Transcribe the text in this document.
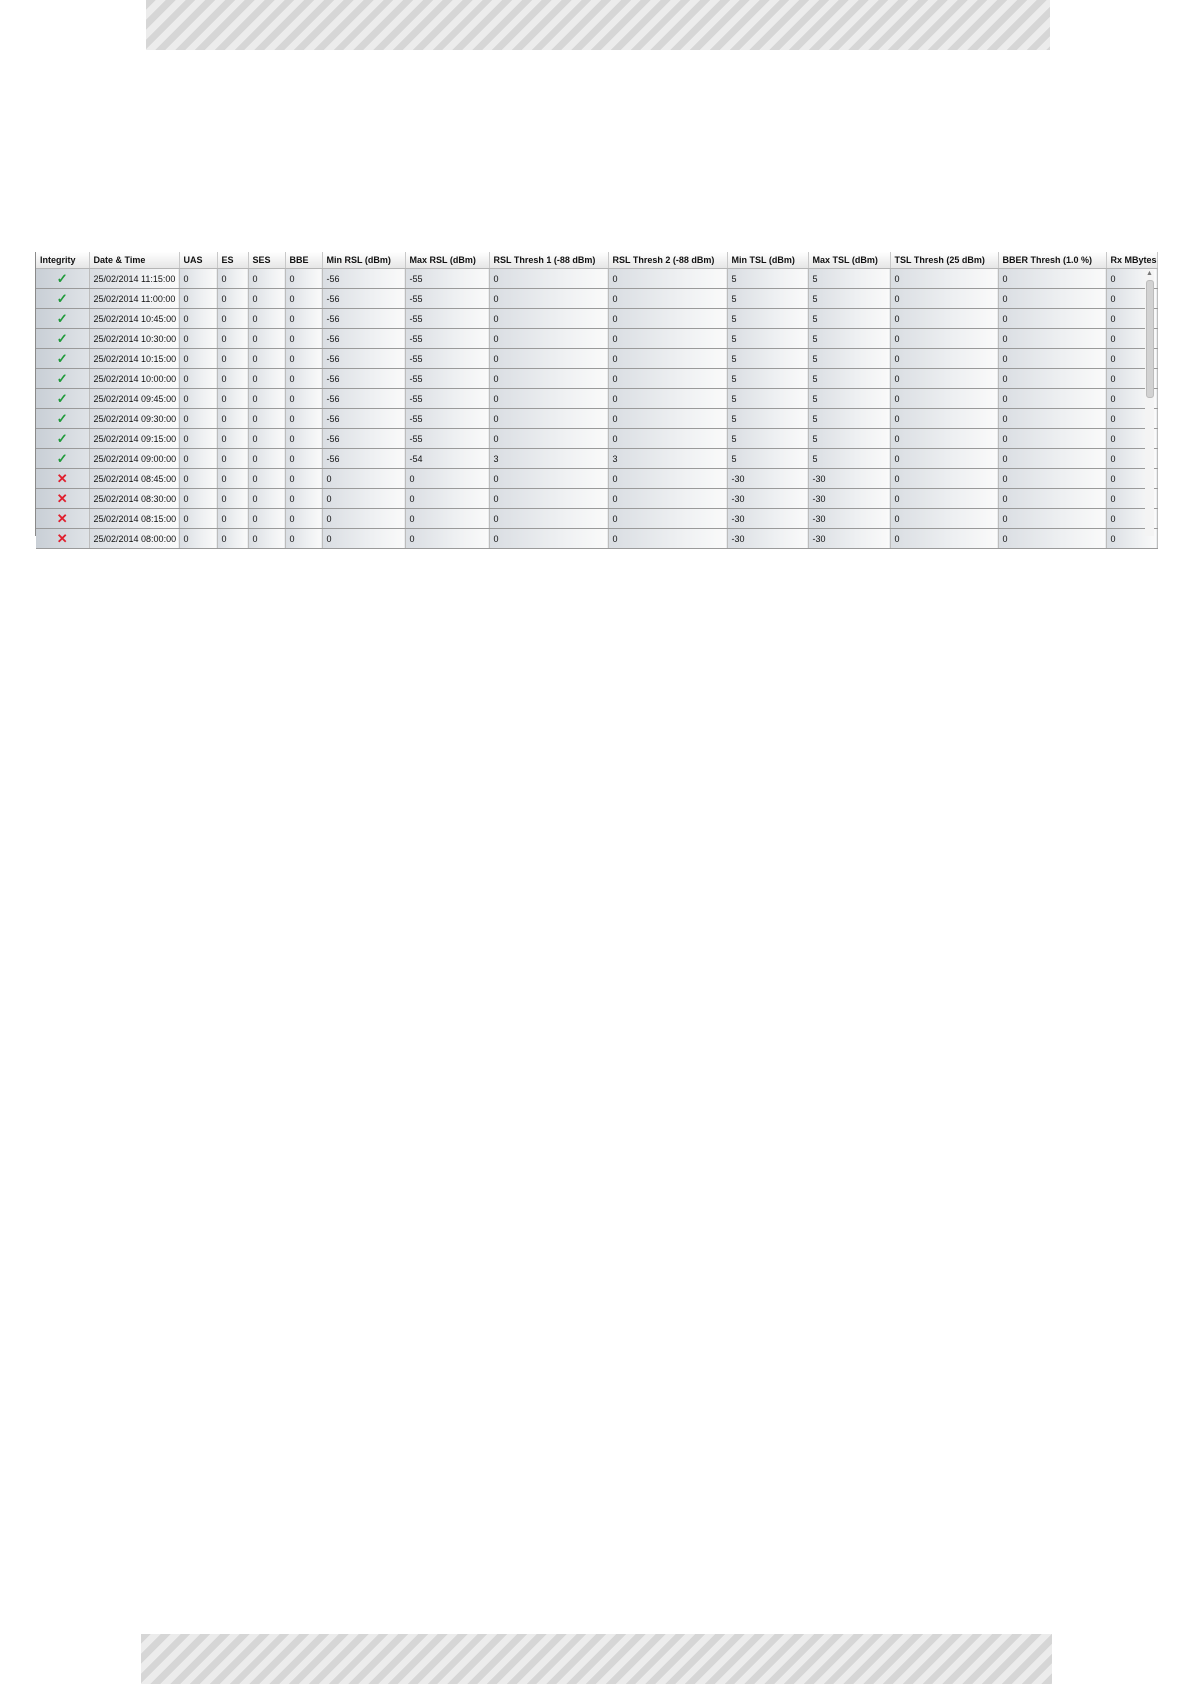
Integrity	Date & Time	UAS	ES	SES	BBE	Min RSL (dBm)	Max RSL (dBm)	RSL Thresh 1 (-88 dBm)	RSL Thresh 2 (-88 dBm)	Min TSL (dBm)	Max TSL (dBm)	TSL Thresh (25 dBm)	BBER Thresh (1.0 %)	Rx MBytes
✓	25/02/2014 11:15:00	0	0	0	0	-56	-55	0	0	5	5	0	0	0
✓	25/02/2014 11:00:00	0	0	0	0	-56	-55	0	0	5	5	0	0	0
✓	25/02/2014 10:45:00	0	0	0	0	-56	-55	0	0	5	5	0	0	0
✓	25/02/2014 10:30:00	0	0	0	0	-56	-55	0	0	5	5	0	0	0
✓	25/02/2014 10:15:00	0	0	0	0	-56	-55	0	0	5	5	0	0	0
✓	25/02/2014 10:00:00	0	0	0	0	-56	-55	0	0	5	5	0	0	0
✓	25/02/2014 09:45:00	0	0	0	0	-56	-55	0	0	5	5	0	0	0
✓	25/02/2014 09:30:00	0	0	0	0	-56	-55	0	0	5	5	0	0	0
✓	25/02/2014 09:15:00	0	0	0	0	-56	-55	0	0	5	5	0	0	0
✓	25/02/2014 09:00:00	0	0	0	0	-56	-54	3	3	5	5	0	0	0
✕	25/02/2014 08:45:00	0	0	0	0	0	0	0	0	-30	-30	0	0	0
✕	25/02/2014 08:30:00	0	0	0	0	0	0	0	0	-30	-30	0	0	0
✕	25/02/2014 08:15:00	0	0	0	0	0	0	0	0	-30	-30	0	0	0
✕	25/02/2014 08:00:00	0	0	0	0	0	0	0	0	-30	-30	0	0	0
▲
